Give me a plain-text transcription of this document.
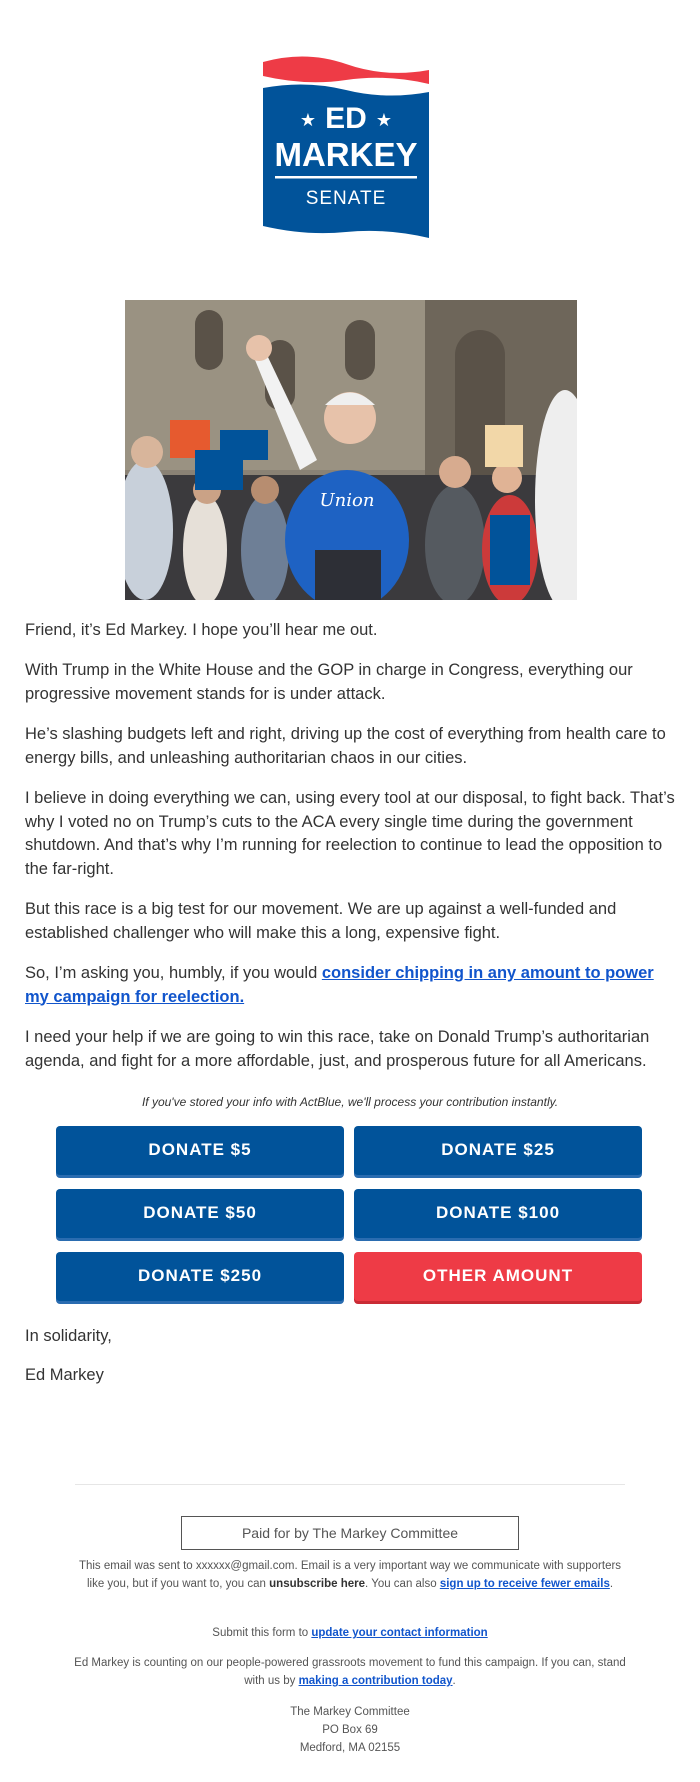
ED
★	★
MARKEY
SENATE
Union

Friend, it’s Ed Markey. I hope you’ll hear me out.

With Trump in the White House and the GOP in charge in Congress, everything our progressive movement stands for is under attack.

He’s slashing budgets left and right, driving up the cost of everything from health care to energy bills, and unleashing authoritarian chaos in our cities.

I believe in doing everything we can, using every tool at our disposal, to fight back. That’s why I voted no on Trump’s cuts to the ACA every single time during the government shutdown. And that’s why I’m running for reelection to continue to lead the opposition to the far-right.

But this race is a big test for our movement. We are up against a well-funded and established challenger who will make this a long, expensive fight.

So, I’m asking you, humbly, if you would consider chipping in any amount to power my campaign for reelection.

I need your help if we are going to win this race, take on Donald Trump’s authoritarian agenda, and fight for a more affordable, just, and prosperous future for all Americans.

If you've stored your info with ActBlue, we'll process your contribution instantly.
DONATE $5	DONATE $25
DONATE $50	DONATE $100
DONATE $250	OTHER AMOUNT
In solidarity,
Ed Markey
Paid for by The Markey Committee
This email was sent to xxxxxx@gmail.com. Email is a very important way we communicate with supporters like you, but if you want to, you can unsubscribe here. You can also sign up to receive fewer emails.
Submit this form to update your contact information
Ed Markey is counting on our people-powered grassroots movement to fund this campaign. If you can, stand with us by making a contribution today.
The Markey Committee
PO Box 69
Medford, MA 02155
